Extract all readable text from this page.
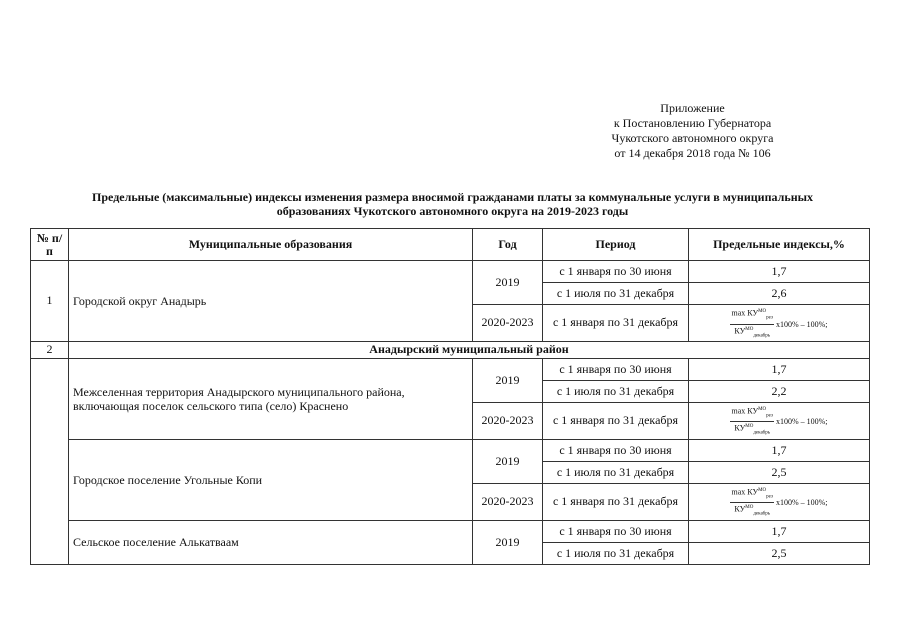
Приложение
к Постановлению Губернатора
Чукотского автономного округа
от 14 декабря 2018 года № 106
Предельные (максимальные) индексы изменения размера вносимой гражданами платы за коммунальные услуги в муниципальных
образованиях Чукотского автономного округа на 2019-2023 годы
№ п/п	Муниципальные образования	Год	Период	Предельные индексы,%
1	Городской округ Анадырь	2019	с 1 января по 30 июня	1,7
			с 1 июля по 31 декабря	2,6
		2020-2023	с 1 января по 31 декабря	$\frac{\max КУ^{МО}_{рез}}{КУ^{МО}_{декабрь}} х100\% - 100\%$;

2	Анадырский муниципальный район			
	Межселенная территория Анадырского муниципального района, включающая поселок сельского типа (село) Краснено	2019	с 1 января по 30 июня	1,7
			с 1 июля по 31 декабря	2,2
		2020-2023	с 1 января по 31 декабря	$\frac{\max КУ^{МО}_{рез}}{КУ^{МО}_{декабрь}} х100\% - 100\%$;

	Городское поселение Угольные Копи	2019	с 1 января по 30 июня	1,7
			с 1 июля по 31 декабря	2,5
		2020-2023	с 1 января по 31 декабря	$\frac{\max КУ^{МО}_{рез}}{КУ^{МО}_{декабрь}} х100\% - 100\%$;

	Сельское поселение Алькатваам	2019	с 1 января по 30 июня	1,7
			с 1 июля по 31 декабря	2,5
